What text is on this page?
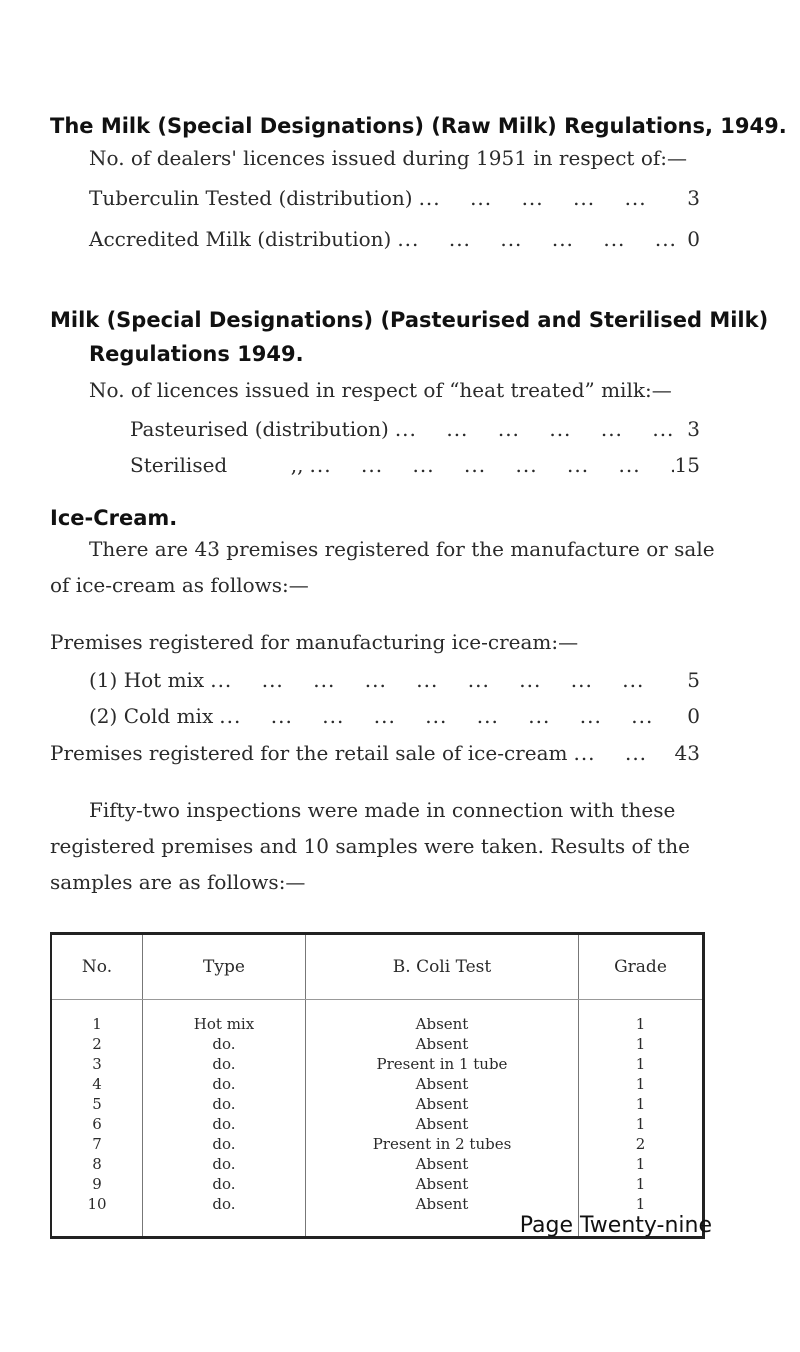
The Milk (Special Designations) (Raw Milk) Regulations, 1949.
No. of dealers' licences issued during 1951 in respect of:—
Tuberculin Tested (distribution) ...	3
Accredited Milk (distribution) ...	0
Milk (Special Designations) (Pasteurised and Sterilised Milk)
Regulations 1949.
No. of licences issued in respect of “heat treated” milk:—
Pasteurised (distribution) ...	3
Sterilised          ,, ...	15
Ice-Cream.
There are 43 premises registered for the manufacture or sale
of ice-cream as follows:—
Premises registered for manufacturing ice-cream:—
(1) Hot mix ...	5
(2) Cold mix ...	0
Premises registered for the retail sale of ice-cream ...	43
Fifty-two inspections were made in connection with these
registered premises and 10 samples were taken. Results of the
samples are as follows:—
No.	Type	B. Coli Test	Grade
1	Hot mix	Absent	1
2	do.	Absent	1
3	do.	Present in 1 tube	1
4	do.	Absent	1
5	do.	Absent	1
6	do.	Absent	1
7	do.	Present in 2 tubes	2
8	do.	Absent	1
9	do.	Absent	1
10	do.	Absent	1
Page Twenty-nine
